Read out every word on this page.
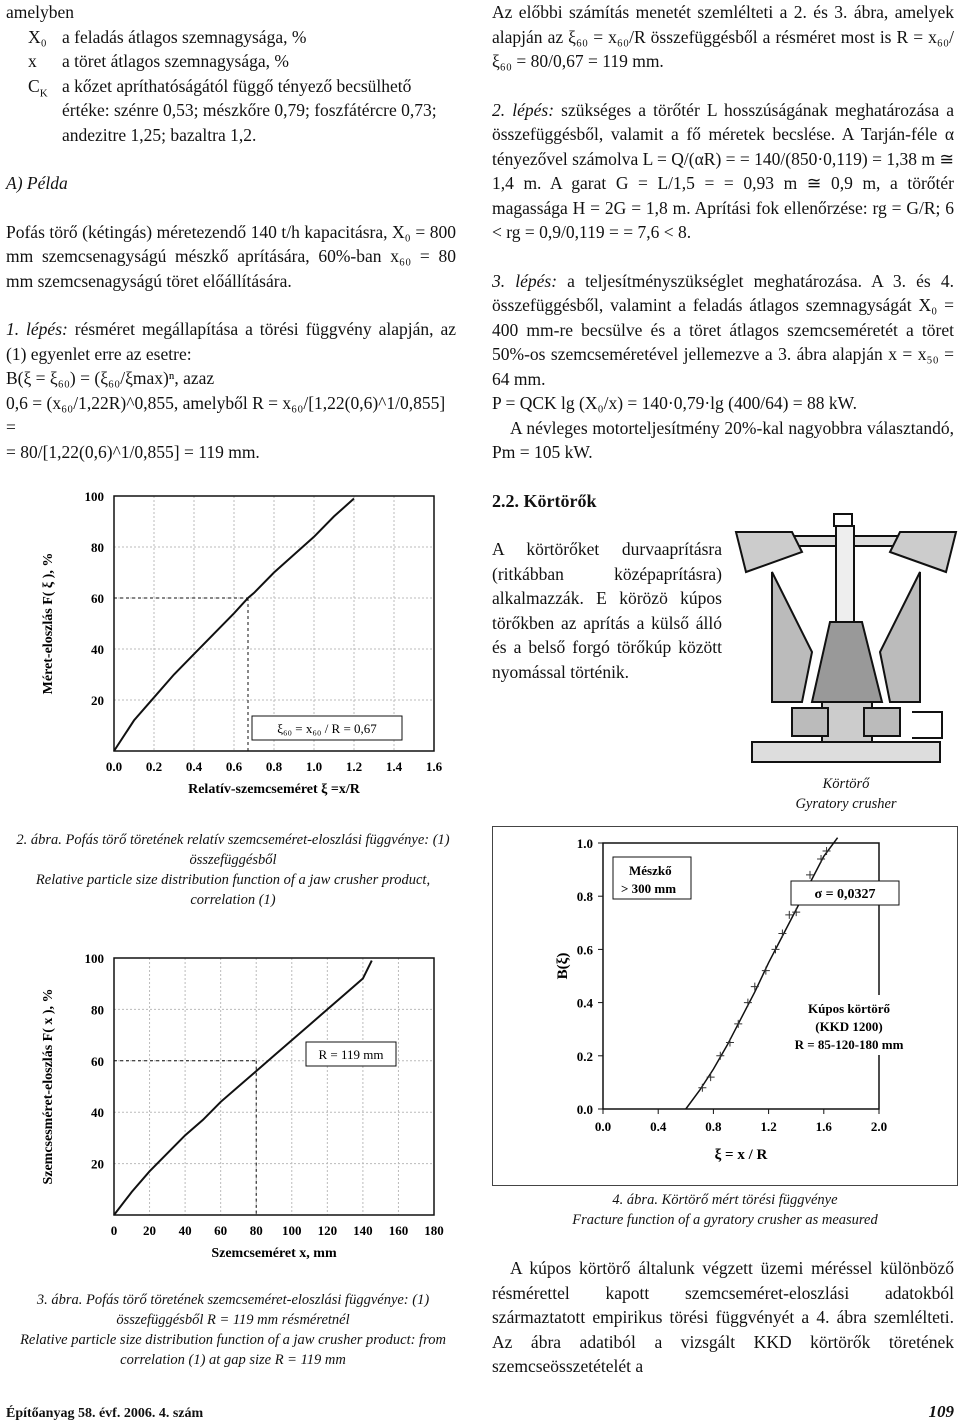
amelyben

X₀ a feladás átlagos szemnagysága, %
x	a töret átlagos szemnagysága, %
$C_K$ a kőzet apríthatóságától függő tényező becsülhető értéke: szénre 0,53; mészkőre 0,79; foszfátércre 0,73; andezitre 1,25; bazaltra 1,2.

A) Példa

Pofás törő (kétingás) méretezendő 140 t/h kapacitásra, X₀ = 800 mm szemcsenagyságú mészkő aprítására, 60%-ban x₆₀ = 80 mm szemcsenagyságú töret előállítására.

1. lépés: résméret megállapítása a törési függvény alapján, az (1) egyenlet erre az esetre:

B(ξ = ξ₆₀) = (ξ₆₀/ξmax)ⁿ, azaz

0,6 = (x₆₀/1,22R)^0,855, amelyből R = x₆₀/[1,22(0,6)^1/0,855] =

= 80/[1,22(0,6)^1/0,855] = 119 mm.

0.0 0.2 0.4 0.6 0.8 1.0 1.2 1.4 1.6
20
40
60
80
100
Relatív-szemcseméret ξ =x/R
Méret-eloszlás F( ξ ), %
ξ₆₀ = x₆₀ / R = 0,67
2. ábra. Pofás törő töretének relatív szemcseméret-eloszlási függvénye: (1) összefüggésből
Relative particle size distribution function of a jaw crusher product, correlation (1)
0 20 40 60 80 100 120 140 160 180
20
40
60
80
100
Szemcseméret x, mm
Szemcsesméret-eloszlás F( x ), %	R = 119 mm
3. ábra. Pofás törő töretének szemcseméret-eloszlási függvénye: (1) összefüggésből R = 119 mm résméretnél
Relative particle size distribution function of a jaw crusher product: from correlation (1) at gap size R = 119 mm

Az előbbi számítás menetét szemlélteti a 2. és 3. ábra, amelyek alapján az ξ₆₀ = x₆₀/R összefüggésből a résméret most is R = x₆₀/ξ₆₀ = 80/0,67 = 119 mm.

2. lépés: szükséges a törőtér L hosszúságának meghatározása a összefüggésből, valamit a fő méretek becslése. A Tarján-féle α tényezővel számolva L = Q/(αR) = = 140/(850·0,119) = 1,38 m ≅ 1,4 m. A garat G = L/1,5 = = 0,93 m ≅ 0,9 m, a törőtér magassága H = 2G = 1,8 m. Aprítási fok ellenőrzése: rg = G/R; 6 < rg = 0,9/0,119 = = 7,6 < 8.

3. lépés: a teljesítményszükséglet meghatározása. A 3. és 4. összefüggésből, valamint a feladás átlagos szemnagyságát X₀ = 400 mm-re becsülve és a töret átlagos szemcseméretét a töret 50%-os szemcseméretével jellemezve a 3. ábra alapján x = x₅₀ = 64 mm.

P = QCK lg (X₀/x) = 140·0,79·lg (400/64) = 88 kW.

A névleges motorteljesítmény 20%-kal nagyobbra választandó, Pm = 105 kW.

2.2. Körtörők

A körtörőket durvaaprításra (ritkábban középaprításra) alkalmazzák. E körözö kúpos törőkben az aprítás a külső álló és a belső forgó törőkúp között nyomással történik.

Körtörő
Gyratory crusher
0.0	0.4	0.8	1.2	1.6	2.0
0.0
0.2
0.4
0.6
0.8
1.0
ξ = x / R
B(ξ)
Mészkő
> 300 mm	σ = 0,0327
Kúpos körtörő
(KKD 1200)
R = 85-120-180 mm
4. ábra. Körtörő mért törési függvénye
Fracture function of a gyratory crusher as measured

A kúpos körtörő általunk végzett üzemi méréssel különböző résmérettel kapott szemcseméret-eloszlási adatokból származtatott empirikus törési függvényét a 4. ábra szemlélteti. Az ábra adatiból a vizsgált KKD körtörők töretének szemcseösszetételét a

Építőanyag 58. évf. 2006. 4. szám	109
